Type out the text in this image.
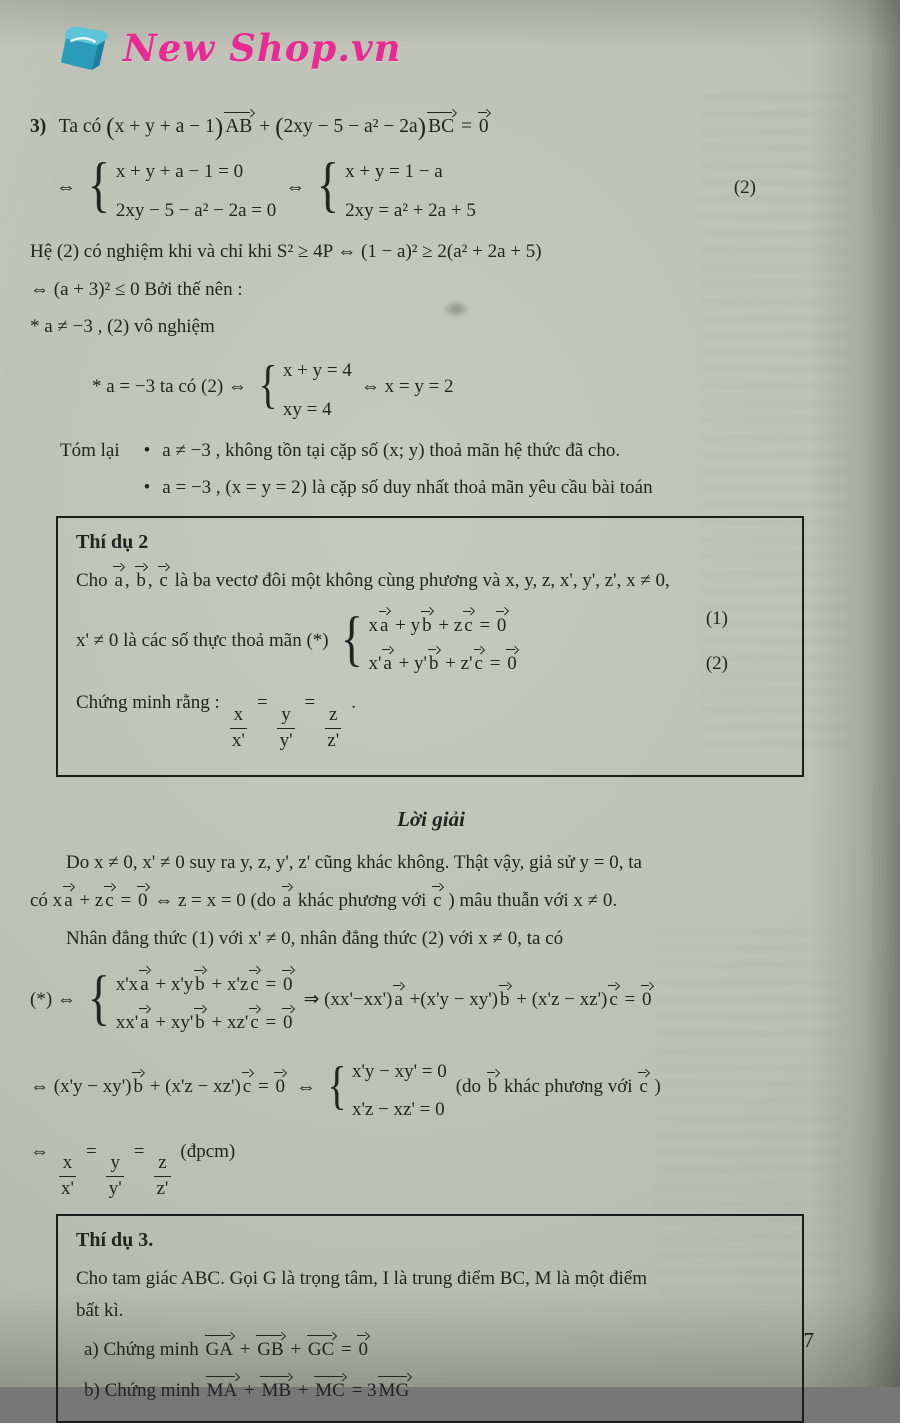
New Shop.vn

3) Ta có (x + y + a − 1) AB + (2xy − 5 − a² − 2a) BC = 0

⇔ { x + y + a − 1 = 0
2xy − 5 − a² − 2a = 0
⇔ { x + y = 1 − a
2xy = a² + 2a + 5
(2)

Hệ (2) có nghiệm khi và chỉ khi S² ≥ 4P ⇔ (1 − a)² ≥ 2(a² + 2a + 5)

⇔ (a + 3)² ≤ 0 Bởi thế nên :

* a ≠ −3 , (2) vô nghiệm

* a = −3 ta có (2) ⇔ { x + y = 4
xy = 4
⇔ x = y = 2
Tóm lại • a ≠ −3 , không tồn tại cặp số (x; y) thoả mãn hệ thức đã cho.
• a = −3 , (x = y = 2) là cặp số duy nhất thoả mãn yêu cầu bài toán

Thí dụ 2

Cho a , b , c là ba vectơ đôi một không cùng phương và x, y, z, x', y', z', x ≠ 0,

x' ≠ 0 là các số thực thoả mãn (*) { x a + y b + z c = 0
x' a + y' b + z' c = 0
(1)
(2)

Chứng minh rằng :
$\frac{x}{x'}$
=
$\frac{y}{y'}$
=
$\frac{z}{z'}$
.

Lời giải

Do x ≠ 0, x' ≠ 0 suy ra y, z, y', z' cũng khác không. Thật vậy, giả sử y = 0, ta

có x a + z c = 0 ⇔ z = x = 0 (do a khác phương với c ) mâu thuẫn với x ≠ 0.

Nhân đẳng thức (1) với x' ≠ 0, nhân đẳng thức (2) với x ≠ 0, ta có

(*) ⇔ { x'x a + x'y b + x'z c = 0
xx' a + xy' b + xz' c = 0
⇒ (xx'−xx') a +(x'y − xy') b + (x'z − xz') c = 0
⇔ (x'y − xy') b + (x'z − xz') c = 0 ⇔ { x'y − xy' = 0
x'z − xz' = 0
(do b khác phương với c )

⇔
$\frac{x}{x'}$
=
$\frac{y}{y'}$
=
$\frac{z}{z'}$
(đpcm)

Thí dụ 3.

Cho tam giác ABC. Gọi G là trọng tâm, I là trung điểm BC, M là một điểm

bất kì.

a) Chứng minh GA + GB + GC = 0

b) Chứng minh MA + MB + MC = 3 MG

7
